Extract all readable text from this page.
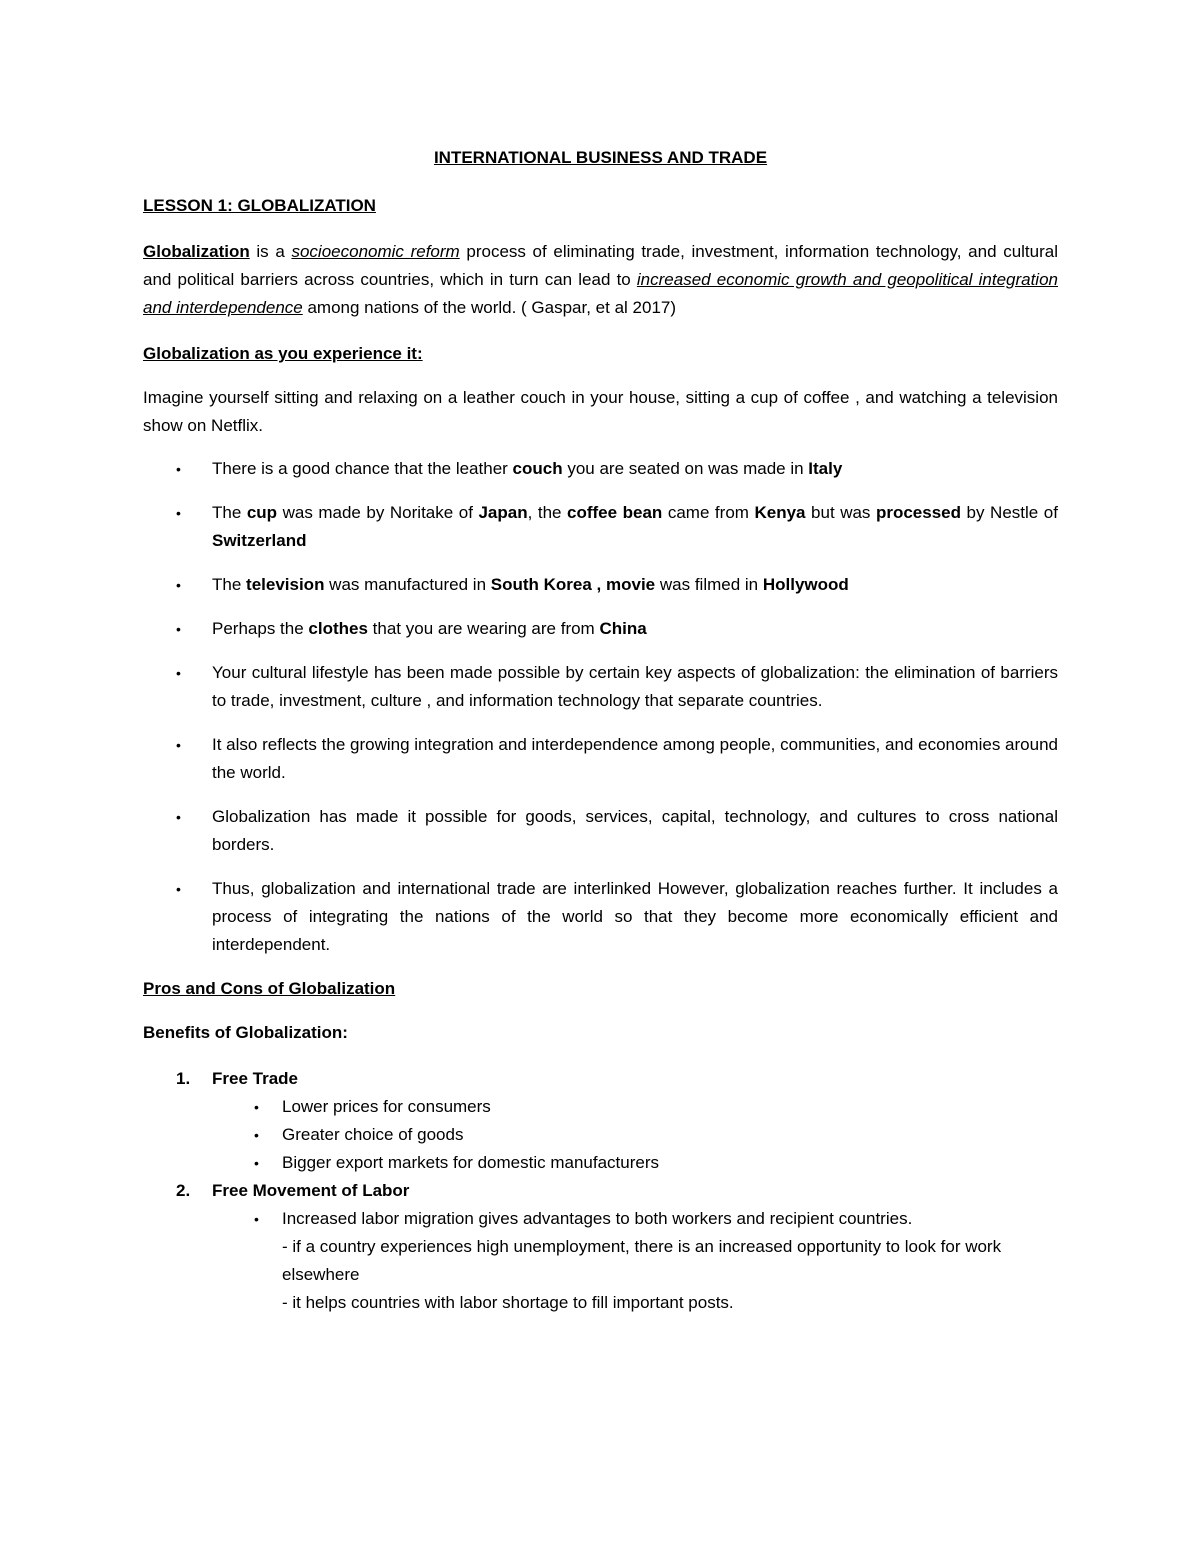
INTERNATIONAL BUSINESS AND TRADE
LESSON 1: GLOBALIZATION

Globalization is a socioeconomic reform process of eliminating trade, investment, information technology, and cultural and political barriers across countries, which in turn can lead to increased economic growth and geopolitical integration and interdependence among nations of the world. ( Gaspar, et al 2017)

Globalization as you experience it:

Imagine yourself sitting and relaxing on a leather couch in your house, sitting a cup of coffee , and watching a television show on Netflix.

• There is a good chance that the leather couch you are seated on was made in Italy
• The cup was made by Noritake of Japan, the coffee bean came from Kenya but was processed by Nestle of Switzerland
• The television was manufactured in South Korea , movie was filmed in Hollywood
• Perhaps the clothes that you are wearing are from China
• Your cultural lifestyle has been made possible by certain key aspects of globalization: the elimination of barriers to trade, investment, culture , and information technology that separate countries.
• It also reflects the growing integration and interdependence among people, communities, and economies around the world.
• Globalization has made it possible for goods, services, capital, technology, and cultures to cross national borders.
• Thus, globalization and international trade are interlinked However, globalization reaches further. It includes a process of integrating the nations of the world so that they become more economically efficient and interdependent.
Pros and Cons of Globalization
Benefits of Globalization:
1. Free Trade
• Lower prices for consumers
• Greater choice of goods
• Bigger export markets for domestic manufacturers
2. Free Movement of Labor
• Increased labor migration gives advantages to both workers and recipient countries.
- if a country experiences high unemployment, there is an increased opportunity to look for work elsewhere
- it helps countries with labor shortage to fill important posts.
